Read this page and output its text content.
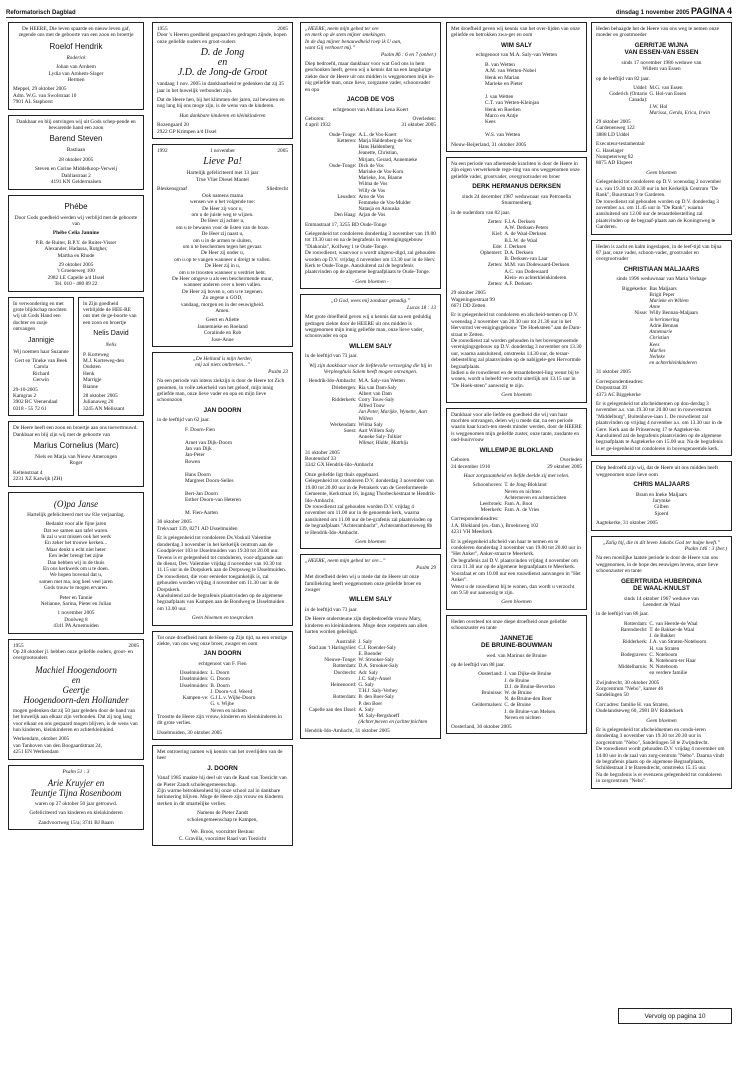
Reformatorisch Dagblad	dinsdag 1 november 2005 PAGINA 4

De HEERE, Die leven spaarde en nieuw leven gaf, zegende ons met de geboorte van een zoon en broertje

Roelof Hendrik

Roderick

Johan van Arnhem
Lydia van Arnhem-Slager
Hermen

Meppel, 29 oktober 2005
Adm. W.G. van Swolstraat 10
7901 AL Staphorst

Dankbaar en blij ontvingen wij uit Gods schep-pende en bewarende hand een zoon

Barend Steven

Bastiaan

28 oktober 2005

Steven en Corine Middelkoop-Verweij
Dahliastraat 2
4191 KN Geldermalsen

Phébe

Door Gods goedheid werden wij verblijd met de geboorte van

Phébe Celia Jannine

P.B. de Ruiter, B.P.Y. de Ruiter-Visser
Alexander, Hadassa, Rutgher,
Martha en Rhode

29 oktober 2005
't Groeneweg 100
2982 LE Capelle a/d IJssel
Tel. 010 - 480 89 22

In verwondering en met grote blijdschap mochten wij uit Gods Hand een dochter en zusje ontvangen

Jannigje

Wij noemen haar Suzanne

Gert en Tineke van Beek
Carola
Richard
Gerwin

29-10-2005
Kamgras 2
3902 BC Veenendaal
0318 - 55 72 61

In Zijn goedheid verblijdde de HEE-RE ons met de ge-boorte van een zoon en broertje

Nelis David

Nelis

P. Korteweg
M.J. Korteweg-den Oudsten
Henk
Marrigje
Bianne

28 oktober 2005
Julianaweg 20
3245 AN Melissant

De Heere heeft een zoon en broertje aan ons toevertrouwd. Dankbaar en blij zijn wij met de geboorte van

Marius Cornelius (Marc)

Niels en Marja van Nieuw Amerongen
Roger

Keltenstraat 4
2231 XZ Katwijk (ZH)

(O)pa Janse

Hartelijk gefeliciteerd met uw 83e verjaardag.

Bedankt voor alle fijne jaren
Dat we samen aan tafel waren.
Ik zal u wat missen ook het werk
En zeker het trouwe kerken...
Maar denkt u echt niet beter
Een ieder brengt het zijne
Dan hebben wij in de thuis
En ons kerkwerk om u te doen.
We hopen bovenal dat u,
samen met ma, nog heel veel jaren
Gods trouw te mogen ervaren.

Peter en Tannie
Nelianne, Sarina, Pieter en Julian

1 november 2005
Doolweg 8
4341 PA Arnemuiden

1955	2005

Op 28 oktober jl. hebben onze geliefde ouders, groot- en overgrootouders

Machiel Hoogendoorn
en
Geertje
Hoogendoorn-den Hollander

mogen gedenken dat zij 50 jaar geleden door de band van het huwelijk aan elkaar zijn verbonden. Dat zij nog lang voor elkaar en ons gespaard mogen blijven, is de wens van hun kinderen, kleinkinderen en achterkleinkind.

Werkendam, oktober 2005
van Tanhoven van den Boogaardstraat 24,
4251 EN Werkendam

Psalm 51 : 3

Arie Kruyjer en
Teuntje Tijna Rosenboom

waren op 27 oktober 50 jaar getrouwd.

Gefeliciteerd van kinderen en kleinkinderen

Zandvoortweg 15/a; 3741 BJ Baarn

1955	2005

Door 's Heeren goedheid gespaard en gedragen zijnde, hopen onze geliefde ouders en groot-ouders

D. de Jong
en
J.D. de Jong-de Groot

vandaag 1 nov. 2005 in dankbaarheid te gedenken dat zij 35 jaar in het huwelijk verbonden zijn.

Dat de Heere hen, bij het klimmen der jaren, zal bewaren en nog lang bij ons moge zijn, is de wens van de kinderen.

Hun dankbare kinderen en kleinkinderen

Rozengaard 20
2922 GP Krimpen a/d IJssel

1992	1 november	2005
Lieve Pa!

Hartelijk gefeliciteerd met 13 jaar
True Vliet Diesel Mantel

Bleskensgraaf	Sliedrecht

Ook namens mama
wensen we u het volgende toe:
De Heer zij voor u,
om u de juiste weg te wijzen.
De Heer zij achter u,
om u te bewaren voor de listen van de boze.
De Heer zij naast u,
om u in de armen te sluiten,
om u te beschermen tegen het gevaar.
De Heer zij onder u,
om u op te vangen wanneer u dreigt te vallen.
De Heer zij in u,
om u te troosten wanneer u verdriet hebt.
De Heer omgeve u als een beschermende muur,
wanneer anderen over u heen vallen.
De Heer zij boven u, om u te zegenen.
Zo zegene u GOD,
vandaag, morgen en in der eeuwigheid.
Amen.

Geert en Aliette
Jannemieke en Roeland
Coralinde en Rob
Jose-Anne

„De Heiland is mijn herder,
mij zal niets ontbreken...”

Psalm 23

Na een periode van intens ziekzijn is door de Heere tot Zich genomen, in volle zekerheid van het geloof, mijn innig geliefde man, onze lieve vader en opa en mijn lieve schoonzoon

JAN DOORN

in de leeftijd van 62 jaar.

F. Doorn-Fien

Arnet van Dijk-Doorn
Jan van Dijk
Jan-Peter
Rowen

Hans Doorn
Margreet Doorn-Selles

Bert-Jan Doorn
Esther Doorn-van Heteren

M. Fien-Aarten

30 oktober 2005
Trekvaart 139, 8271 AD IJsselmuiden

Er is gelegenheid tot condoleren Ds.Voskuil Valentine donderdag 3 november in het kerkelijk centrum aan de Goudplevier 103 te IJsselmuiden van 19.30 tot 20.00 uur.
Tevens is er gelegenheid tot condoleren, voor-afgaande aan de dienst, Dev. Valentine vrijdag 4 november van 10.30 tot 11.15 uur in de Dorpskerk aan de Dorpsweg te IJsselmuiden.
De rouwdienst, die voor eenieder toegankelijk is, zal gehouden worden vrijdag 4 november om 11.30 uur in de Dorpskerk.
Aansluitend zal de begrafenis plaatsvinden op de algemene begraafplaats van Kampen aan de Bondweg te IJsselmuiden om 13.00 uur.

Geen bloemen en toespraken

Tot onze droefheid nam de Heere op Zijn tijd, na een ernstige ziekte, van ons weg onze broer, zwager en oom

JAN DOORN

echtgenoot van F. Fien

IJsselmuiden:	L. Doorn
IJsselmuiden:	G. Doorn
IJsselmuiden:	B. Doorn
	J. Doorn-v.d. Weerd
Kampen-ve:	G.J.L.v. Wijhe-Doorn
	G. v. Wijhe
	Neven en nichten

Troostte de Heere zijn vrouw, kinderen en kleinkinderen in dit grote verlies.

IJsselmuiden, 30 oktober 2005

Met ontroering namen wij kennis van het overlijden van de heer

J. DOORN

Vanaf 1985 maakte hij deel uit van de Raad van Toezicht van de Pieter Zandt scholengemeenschap.
Zijn warme betrokkenheid bij onze school zal in dankbare herinnering blijven. Moge de Heere zijn vrouw en kinderen sterken in dit smartelijke verlies.

Namens de Pieter Zandt
scholengemeenschap te Kampen,

We. Broos, voorzitter Bestuur
C. Gravilla, voorzitter Raad van Toezicht

„HEERE, neem mijn gebed ter ore
en merk op de stem mijner smekingen.
In de dag mijner benauwdheid roep ik U aan,
want Gij verhoort mij.”

Psalm 86 : 6 en 7 (onber.)

Diep bedroefd, maar dankbaar voor wat God ons in hem geschonken heeft, geven wij u kennis dat na een langdurige ziekte door de Heere uit ons midden is weggenomen mijn in-nig geliefde man, onze lieve, zorgzame vader, schoonvader en opa

JACOB DE VOS

echtgenoot van Adriana Lena Koert

Geboren:
4 april 1932
Overleden:
31 oktober 2005
Oude-Tonge:	A.L. de Vos-Koert
Ketteren:	Marja Haldenberg-de Vos
	Hans Haldenberg
	Jeanette, Christian,
	Mirjam, Gerard, Annemieke
Oude-Tonge:	Dick de Vos
	Marinke de Vos-Kom
	Marieke, Jos, Bianne
	Wilma de Vos
	Willy de Vos
Leusden:	Arno de Vos
	Femmeke de Vos-Mulder
	Natasja en Annuska
Den Haag:	Arjan de Vos

Emmastraat 17, 3255 BD Oude-Tonge

Gelegenheid tot condoleren donderdag 3 november van 19.00 tot 19.30 uur en na de begrafenis in verenigingsgebouw "Diakonia", Kolfweg 1 te Oude-Tonge.
De rouwdienst, waarvoor u wordt uitgeno-digd, zal gehouden worden op D.V. vrijdag 4 november om 13.30 uur in de Herv. Kerk te Oude-Tonge. Aansluitend zal de begrafenis plaatsvinden op de algemene begraafplaats te Oude-Tonge.

- Geen bloemen -

„O God, wees mij zondaar genadig.”

Lucas 18 : 13

Met grote droefheid geven wij u kennis dat na een geduldig gedragen ziekte door de HEERE uit ons midden is weggenomen mijn innig geliefde man, onze lieve vader, schoonvader en opa

WILLEM SALY

in de leeftijd van 73 jaar.

Wij zijn dankbaar voor de liefdevolle verzorging die hij in Verpleeghuis Salem heeft mogen ontvangen.

Hendrik-Ido-Ambacht:	M.A. Saly-van Wetten
Driebergen:	Ria van Dam-Saly
	Albert van Dam
Ridderkerk:	Corry Touw-Saly
	Alfred Touw
	Jan Peter, Marijke, Wynette, Aart Willem
Werkendam:	Wilma Saly
Soest:	Aart Willem Saly
	Anneke Saly-Tolkier
	Wilmar, Hidde, Matthijs

31 oktober 2005
Boutenshof 33
3342 GX Hendrik-Ido-Ambacht

Onze geliefde ligt thuis opgebaard.
Gelegenheid tot condoleren D.V. donderdag 3 november van 19.00 tot 20.00 uur in de Petrakerk van de Gereformeerde Gemeente, Kerkstraat 16, ingang Thorbeckestraat te Hendrik-Ido-Ambacht.
De rouwdienst zal gehouden worden D.V. vrijdag 4 november om 11.00 uur in de genoemde kerk, waarna aansluitend om 11.00 uur de be-grafenis zal plaatsvinden op de begraafplaats "Achterambacht", Achterambachtseweg 8b te Hendrik-Ido-Ambacht.

Geen bloemen

„HEERE, neem mijn gebed ter ore...”

Psalm 29

Met droefheid delen wij u mede dat de Heere uit onze familiekring heeft weggenomen onze geliefde broer en zwager

WILLEM SALY

in de leeftijd van 73 jaar.

De Heere ondersteune zijn diepbedroefde vrouw Mary, kinderen en kleinkinderen. Moge deze roepstem aan allen harten worden geheiligd.

Australië:	J. Saly
Stad aan 't Haringvliet:	C.J. Roender-Saly
	E. Boender
Nieuwe-Tonge:	W. Strooker-Saly
Rotterdam:	D.A. Strooker-Saly
Dordrecht:	Adr. Saly
	J.C. Saly-Ansel
Heinenoord:	G. Saly
	T.H.J. Saly-Verhey
Rotterdam:	B. den Boer-Saly
	P. den Boer
Capelle aan den IJssel:	A. Saly
	M. Saly-Bergshoeff
	(Achter)neven en (achter)nichten

Hendrik-Ido-Ambacht, 31 oktober 2005

Met droefheid geven wij kennis van het over-lijden van onze geliefde en betrokken zwa-ger en oom

WIM SALY

echtgenoot van M.A. Saly-van Wetten

B. van Wetten
A.M. van Wetten-Nobel
Henk en Marian
Marieke en Pieter

J. van Wetten
C.T. van Wetten-Kleinjan
Henk en Roelien
Marco en Antje
Kees

W.S. van Wetten

Nieuw-Beijerland, 31 oktober 2005

Na een periode van afnemende krachten is door de Heere in zijn eigen verwerkende rege-ring van ons weggenomen onze geliefde vader, grootvader, overgrootvader en broer

DERK HERMANUS DERKSEN

sinds 24 december 1987 weduwnaar van Petronella Stuurmenberg

in de ouderdom van 82 jaar.

Zetten:	F.J.A. Derksen
	A.W. Derksen-Peters
Kiel:	A. de Waal-Derksen
	B.L.W. de Waal
Ede:	J. Derksen
Ophemert:	D.A. Derksen
	B. Derksen-van Laar
Zetten:	M.M. van Dodewaard-Derksen
	A.C. van Dodewaard
	Klein- en achterkleinkinderen
Zetten:	A.F. Derksen

29 oktober 2005
Wageningsestraat 99
6671 DD Zetten

Er is gelegenheid tot condoleren en afscheid-nemen op D.V. woensdag 2 november van 20.30 uur tot 21.30 uur in het Hervormd ver-enigingsgebouw "De Hoeksteen" aan de Dam-straat te Zetten.
De rouwdienst zal worden gehouden in het bovengenoemde verenigingsgebouw op D.V. donderdag 3 november om 13.30 uur, waarna aansluitend, omstreeks 14.30 uur, de teraar-debestelling zal plaatsvinden op de nabijgele-gen Hervormde begraafplaats.
Indien u de rouwdienst en de teraardebestel-ling wenst bij te wonen, wordt u beleefd ver-zocht uiterlijk om 13.15 uur in "De Hoek-steen" aanwezig te zijn.

Geen bloemen

Dankbaar voor alle liefde en goedheid die wij van haar mochten ontvangen, delen wij u mede dat, na een periode waarin haar krach-ten steeds minder werden, door de HEERE is weggenomen mijn geliefde zuster, onze tante, zusdante en oud-buurvrouw

WILLEMPJE BLOKLAND
Geboren
24 december 1916
Overleden
29 oktober 2005

Haar zorgzaamheid en liefde deelde zij met velen.

Schoonhoven:	T. de Jong-Blokland
	Neven en nichten
	Achterneven en achternichten
Leerbroek:	Fam. A. Boot
Meerkerk:	Fam. A. de Vries

Correspondentieadres:
J.A. Blokland (ex.-fam.), Broeksweg 102
4231 VH Meerkerk

Er is gelegenheid afscheid van haar te nemen en te condoleren donderdag 3 november van 19.00 tot 20.00 uur in "Het Anker", Anker-straat te Meerkerk.
De begrafenis zal D.V. plaatsvinden vrijdag 4 november om circa 11.30 uur op de algemene begraafplaats te Meerkerk.
Voorafaat er om 10.00 uur een rouwdienst aanvangen in "Het Anker".
Wenst u de rouwdienst bij te wonen, dan wordt u verzocht om 9.50 uur aanwezig te zijn.

Geen bloemen

Heden overleed tot onze diepe droefheid onze geliefde schoonzuster en tante

JANNETJE
DE BRUINE-BOUWMAN

wed. van Marinus de Bruine

op de leeftijd van 88 jaar.

Oosterland:	J. van Dijke-de Bruine
	J. de Bruine
	D.J. de Bruine-Beverloo
Bruinisse:	W. de Bruine
	N. de Bruine-den Boer
Geldermalsen:	C. de Bruine
	J. de Bruine-van Melsen
	Neven en nichten

Oosterland, 30 oktober 2005

Heden behaagde het de Heere van ons weg te nemen onze moeder en grootmoeder

GERRITJE WIJNA
VAN ESSEN-VAN ESSEN

sinds 17 november 1986 weduwe van
Willem van Essen

op de leeftijd van 82 jaar.

Uddel:	M.G. van Essen
Goderich (Ontario Canada):	G. Hol-van Essen
	J.W. Hol
	Marissa, Gerda, Erica, Irwin

29 oktober 2005
Gardenenweg 122
3888 LD Uddel

Executeur-testamentair
G. Haselager
Nunspeterweg 82
8075 AD Elspeet

Geen bloemen

Gelegenheid tot condoleren op D.V. woensdag 2 november a.s. van 19.30 tot 20.30 uur in het Kerkelijk Centrum "De Rank", Buurstraat 9 te Garderen.
De rouwdienst zal gehouden worden op D.V. donderdag 3 november a.s. om 11.45 uur in "De Rank", waarna aansluitend om 12.00 uur de teraardebestelling zal plaatsvinden op de begraaf-plaats aan de Koningsweg te Garderen.

Heden is zacht en kalm ingeslapen, in de leef-tijd van bijna 87 jaar, onze vader, schoon-vader, grootvader en overgrootvader

CHRISTIAAN MALJAARS

sinds 1996 weduwnaar van Maria Verhage

Biggekerke:	Bas Maljaars
	Brigit Peper
	Marieke en Willem
	Anne
Nisse:	Willy Bennan-Maljaars
	in herinnering
	Adrie Bennan
	Annemarie
	Christian
	Kees
	Marlies
	Nelleke
	en achterkleinkinderen

31 oktober 2005

Correspondentieadres:
Dorpsstraat 39
4373 AC Biggekerke

Er is gelegenheid tot afscheidnemen op don-derdag 3 november a.s. van 19.30 tot 20.00 uur in rouwcentrum "Middelburg", Buitenhove-laan 1. De rouwdienst zal plaatsvinden op vrijdag 4 november a.s. om 13.30 uur in de Gere. Kerk aan de Prinsenweg 17 te Aagteker-ke. Aansluitend zal de begrafenis plaatsvinden op de algemene begraafplaats te Aagtekerke om 15.00 uur. Na de begrafenis is er ge-legenheid tot condoleren in bovengenoemde kerk.

Diep bedroefd zijn wij, dat de Heere uit ons midden heeft weggenomen onze lieve oom

CHRIS MALJAARS

Bram en Ineke Maljaars
Jarymke
Gilben
Sjoerd

Aagtekerke, 31 oktober 2005

„Zalig hij, die in dit leven Jakobs God ter hulpe heeft.”

Psalm 146 : 3 (ber.)

Na een moeilijke laatste periode is door de Heere van ons weggenomen, in de hope des eeuwigen levens, onze lieve schoonzuster en tante

GEERTRUIDA HUBERDINA
DE WAAL-KNULST

sinds 14 oktober 1967 weduwe van
Leendert de Waal

in de leeftijd van 86 jaar.

Rotterdam:	C. van Heerde-de Waal
Barendrecht:	T. de Bakker-de Waal
	J. de Bakker
Ridderkerk:	J.A. van Straten-Noteboom
	H. van Straten
Bodegraven:	C. Noteboom
	R. Noteboom-ter Haar
Middelharnis:	N. Noteboom
	en verdere familie

Zwijndrecht, 30 oktober 2005
Zorgcentrum "Nebo", kamer 46
Sandelingen 50

Corr.adres: familie H. van Straten,
Oudelandseweg 60, 2981 BV Ridderkerk

Geen bloemen

Er is gelegenheid tot afscheidnemen en condo-leren donderdag 3 november van 19.30 tot 20.30 uur in zorgcentrum "Nebo", Sandelingen 50 te Zwijndrecht.
De rouwdienst wordt gehouden D.V. vrijdag 4 november om 14.00 uur in de zaal van zorg-centrum "Nebo". Daarna vindt de begrafenis plaats op de algemene Begraafplaats, Schildestraat 3 te Barendrecht, omstreeks 15.15 uur.
Na de begrafenis is er evenzens gelegenheid tot condoleren in zorgcentrum "Nebo".

Vervolg op pagina 10
